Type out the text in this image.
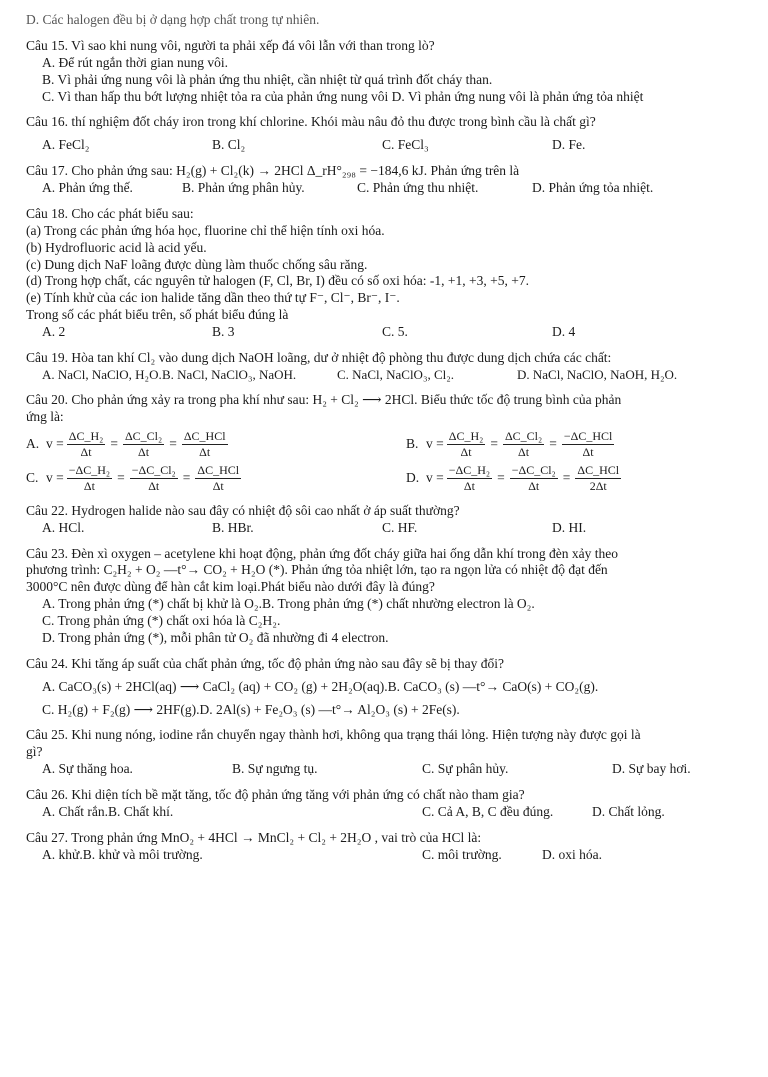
D. Các halogen đều bị ở dạng hợp chất trong tự nhiên.

Câu 15. Vì sao khi nung vôi, người ta phải xếp đá vôi lẫn với than trong lò?

A. Để rút ngắn thời gian nung vôi.

B. Vì phải ứng nung vôi là phản ứng thu nhiệt, cần nhiệt từ quá trình đốt cháy than.

C. Vì than hấp thu bớt lượng nhiệt tỏa ra của phản ứng nung vôi D. Vì phản ứng nung vôi là phản ứng tỏa nhiệt

Câu 16. thí nghiệm đốt cháy iron trong khí chlorine. Khói màu nâu đỏ thu được trong bình cầu là chất gì?

A. FeCl₂	B. Cl₂	C. FeCl₃	D. Fe.

Câu 17. Cho phản ứng sau: H₂(g) + Cl₂(k) → 2HCl Δ_rH°₂₉₈ = −184,6 kJ. Phản ứng trên là

A. Phản ứng thế.	B. Phản ứng phân hủy.	C. Phản ứng thu nhiệt.	D. Phản ứng tỏa nhiệt.

Câu 18. Cho các phát biểu sau:

(a) Trong các phản ứng hóa học, fluorine chỉ thể hiện tính oxi hóa.

(b) Hydrofluoric acid là acid yếu.

(c) Dung dịch NaF loãng được dùng làm thuốc chống sâu răng.

(d) Trong hợp chất, các nguyên tử halogen (F, Cl, Br, I) đều có số oxi hóa: -1, +1, +3, +5, +7.

(e) Tính khử của các ion halide tăng dần theo thứ tự F⁻, Cl⁻, Br⁻, I⁻.

Trong số các phát biểu trên, số phát biểu đúng là

A. 2	B. 3	C. 5.	D. 4

Câu 19. Hòa tan khí Cl₂ vào dung dịch NaOH loãng, dư ở nhiệt độ phòng thu được dung dịch chứa các chất:

A. NaCl, NaClO, H₂O. B. NaCl, NaClO₃, NaOH.	C. NaCl, NaClO₃, Cl₂.	D. NaCl, NaClO, NaOH, H₂O.

Câu 20. Cho phản ứng xảy ra trong pha khí như sau: H₂ + Cl₂ ⟶ 2HCl. Biểu thức tốc độ trung bình của phản

ứng là:

A. $v = \frac{\text{ΔC\_H₂}}{\Delta t} = \frac{\text{ΔC\_Cl₂}}{\Delta t} = \frac{\text{ΔC\_HCl}}{\Delta t}$	B. $v = \frac{\text{ΔC\_H₂}}{\Delta t} = \frac{\text{ΔC\_Cl₂}}{\Delta t} = \frac{\text{−ΔC\_HCl}}{\Delta t}$
C. $v = \frac{\text{−ΔC\_H₂}}{\Delta t} = \frac{\text{−ΔC\_Cl₂}}{\Delta t} = \frac{\text{ΔC\_HCl}}{\Delta t}$	D. $v = \frac{\text{−ΔC\_H₂}}{\Delta t} = \frac{\text{−ΔC\_Cl₂}}{\Delta t} = \frac{\text{ΔC\_HCl}}{2\Delta t}$

Câu 22. Hydrogen halide nào sau đây có nhiệt độ sôi cao nhất ở áp suất thường?

A. HCl.	B. HBr.	C. HF.	D. HI.

Câu 23. Đèn xì oxygen – acetylene khi hoạt động, phản ứng đốt cháy giữa hai ống dẫn khí trong đèn xảy theo

phương trình: C₂H₂ + O₂ —t°→ CO₂ + H₂O (*). Phản ứng tỏa nhiệt lớn, tạo ra ngọn lửa có nhiệt độ đạt đến

3000°C nên được dùng để hàn cắt kim loại.Phát biểu nào dưới đây là đúng?

A. Trong phản ứng (*) chất bị khử là O₂.B. Trong phản ứng (*) chất nhường electron là O₂.

C. Trong phản ứng (*) chất oxi hóa là C₂H₂.

D. Trong phản ứng (*), mỗi phân tử O₂ đã nhường đi 4 electron.

Câu 24. Khi tăng áp suất của chất phản ứng, tốc độ phản ứng nào sau đây sẽ bị thay đổi?

A. CaCO₃(s) + 2HCl(aq) ⟶ CaCl₂ (aq) + CO₂ (g) + 2H₂O(aq).B. CaCO₃ (s) —t°→ CaO(s) + CO₂(g).

C. H₂(g) + F₂(g) ⟶ 2HF(g).D. 2Al(s) + Fe₂O₃ (s) —t°→ Al₂O₃ (s) + 2Fe(s).

Câu 25. Khi nung nóng, iodine rắn chuyển ngay thành hơi, không qua trạng thái lỏng. Hiện tượng này được gọi là

gì?

A. Sự thăng hoa.	B. Sự ngưng tụ.	C. Sự phân hủy.	D. Sự bay hơi.

Câu 26. Khi diện tích bề mặt tăng, tốc độ phản ứng tăng với phản ứng có chất nào tham gia?

A. Chất rắn.B. Chất khí.	C. Cả A, B, C đều đúng.	D. Chất lỏng.

Câu 27. Trong phản ứng MnO₂ + 4HCl → MnCl₂ + Cl₂ + 2H₂O , vai trò của HCl là:

A. khử.B. khử và môi trường.	C. môi trường.	D. oxi hóa.
